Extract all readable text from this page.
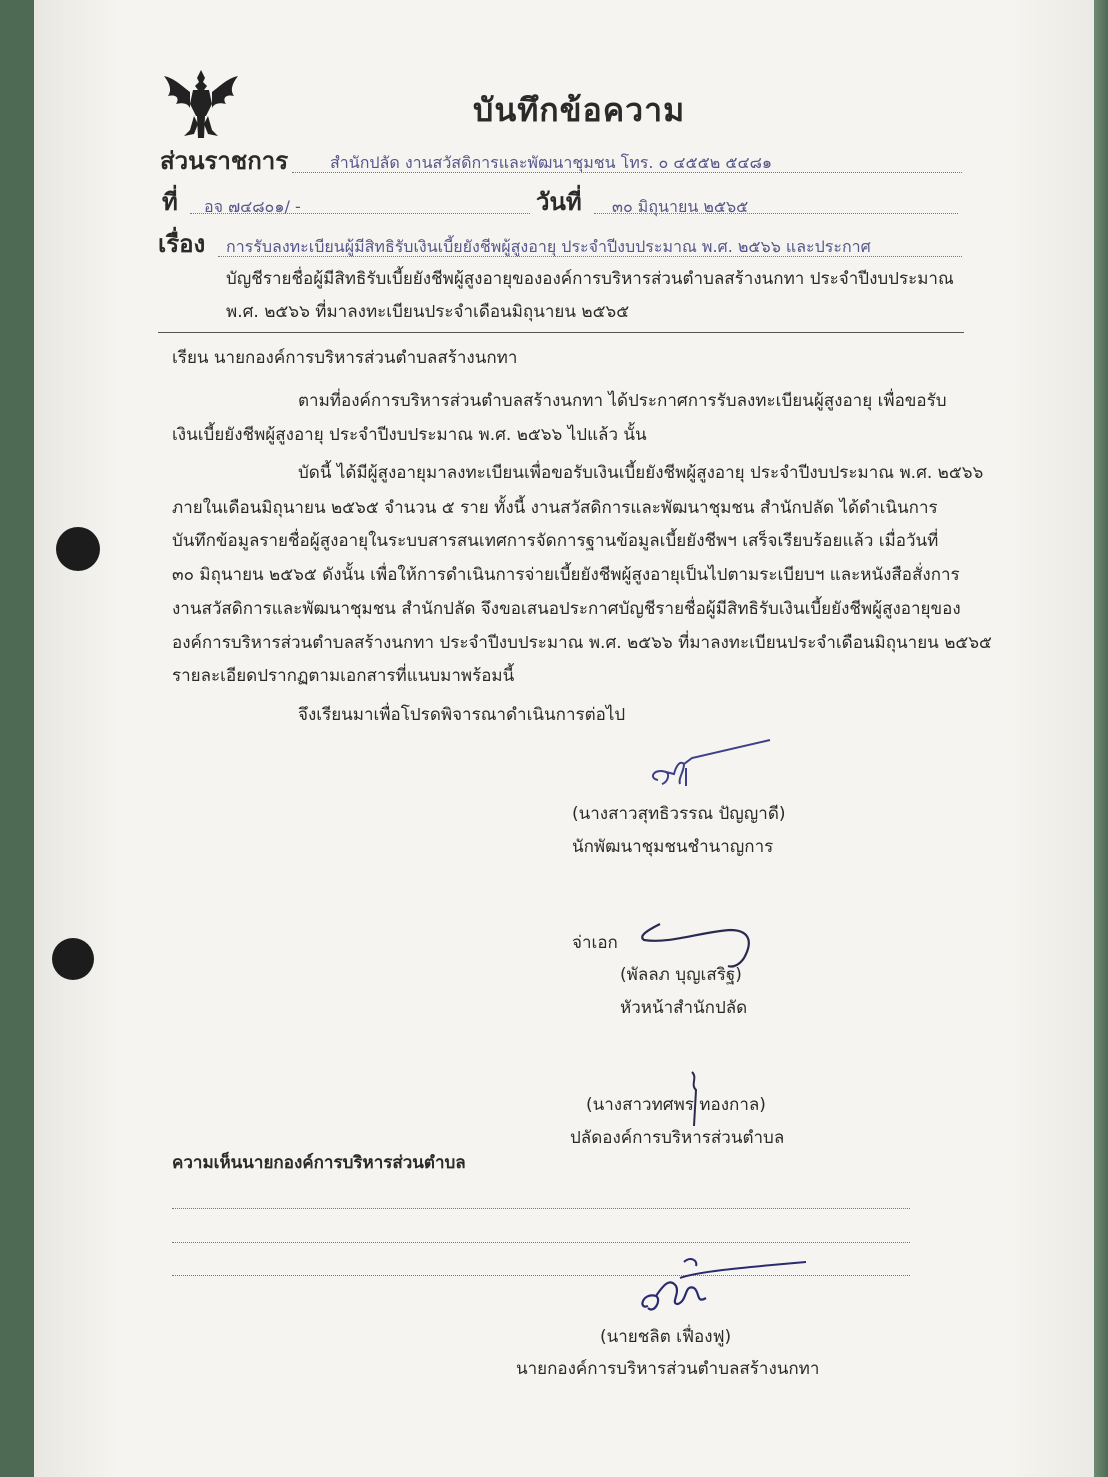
บันทึกข้อความ
ส่วนราชการ	สำนักปลัด งานสวัสดิการและพัฒนาชุมชน โทร. ๐ ๔๕๕๒ ๕๔๘๑
ที่ อจ ๗๔๘๐๑/ -	วันที่ ๓๐ มิถุนายน ๒๕๖๕
เรื่อง การรับลงทะเบียนผู้มีสิทธิรับเงินเบี้ยยังชีพผู้สูงอายุ ประจำปีงบประมาณ พ.ศ. ๒๕๖๖ และประกาศ
บัญชีรายชื่อผู้มีสิทธิรับเบี้ยยังชีพผู้สูงอายุขององค์การบริหารส่วนตำบลสร้างนกทา ประจำปีงบประมาณ
พ.ศ. ๒๕๖๖ ที่มาลงทะเบียนประจำเดือนมิถุนายน ๒๕๖๕
เรียน นายกองค์การบริหารส่วนตำบลสร้างนกทา
ตามที่องค์การบริหารส่วนตำบลสร้างนกทา ได้ประกาศการรับลงทะเบียนผู้สูงอายุ เพื่อขอรับ
เงินเบี้ยยังชีพผู้สูงอายุ ประจำปีงบประมาณ พ.ศ. ๒๕๖๖ ไปแล้ว นั้น
บัดนี้ ได้มีผู้สูงอายุมาลงทะเบียนเพื่อขอรับเงินเบี้ยยังชีพผู้สูงอายุ ประจำปีงบประมาณ พ.ศ. ๒๕๖๖
ภายในเดือนมิถุนายน ๒๕๖๕ จำนวน ๕ ราย ทั้งนี้ งานสวัสดิการและพัฒนาชุมชน สำนักปลัด ได้ดำเนินการ
บันทึกข้อมูลรายชื่อผู้สูงอายุในระบบสารสนเทศการจัดการฐานข้อมูลเบี้ยยังชีพฯ เสร็จเรียบร้อยแล้ว เมื่อวันที่
๓๐ มิถุนายน ๒๕๖๕ ดังนั้น เพื่อให้การดำเนินการจ่ายเบี้ยยังชีพผู้สูงอายุเป็นไปตามระเบียบฯ และหนังสือสั่งการ
งานสวัสดิการและพัฒนาชุมชน สำนักปลัด จึงขอเสนอประกาศบัญชีรายชื่อผู้มีสิทธิรับเงินเบี้ยยังชีพผู้สูงอายุของ
องค์การบริหารส่วนตำบลสร้างนกทา ประจำปีงบประมาณ พ.ศ. ๒๕๖๖ ที่มาลงทะเบียนประจำเดือนมิถุนายน ๒๕๖๕
รายละเอียดปรากฏตามเอกสารที่แนบมาพร้อมนี้
จึงเรียนมาเพื่อโปรดพิจารณาดำเนินการต่อไป
(นางสาวสุทธิวรรณ ปัญญาดี)
นักพัฒนาชุมชนชำนาญการ
จ่าเอก
(พัลลภ บุญเสริฐ)
หัวหน้าสำนักปลัด
(นางสาวทศพร ทองกาล)
ปลัดองค์การบริหารส่วนตำบล
ความเห็นนายกองค์การบริหารส่วนตำบล
(นายชลิต เฟื่องฟู)
นายกองค์การบริหารส่วนตำบลสร้างนกทา
